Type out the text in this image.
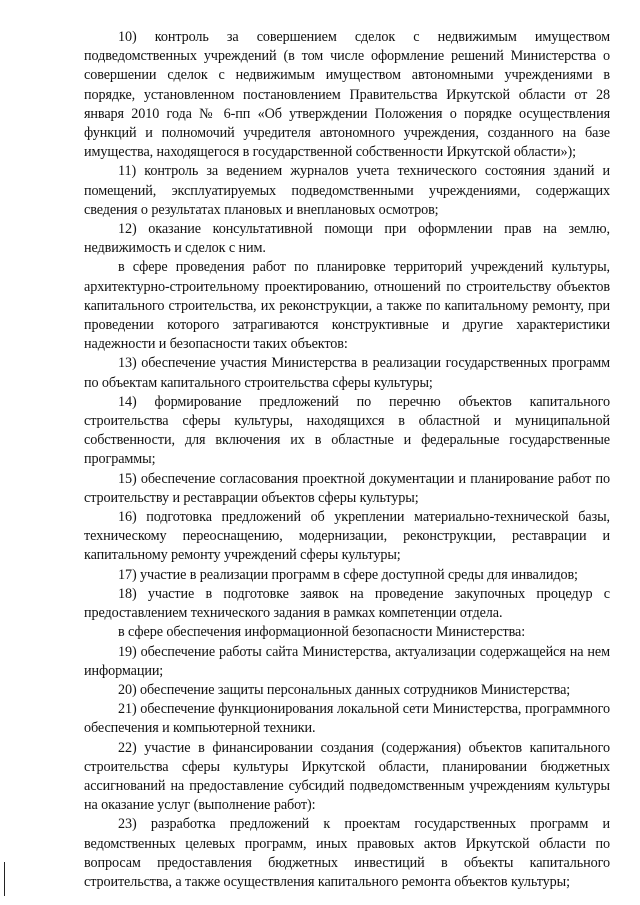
10) контроль за совершением сделок с недвижимым имуществом подведомственных учреждений (в том числе оформление решений Министерства о совершении сделок с недвижимым имуществом автономными учреждениями в порядке, установленном постановлением Правительства Иркутской области от 28 января 2010 года № 6-пп «Об утверждении Положения о порядке осуществления функций и полномочий учредителя автономного учреждения, созданного на базе имущества, находящегося в государственной собственности Иркутской области»);

11) контроль за ведением журналов учета технического состояния зданий и помещений, эксплуатируемых подведомственными учреждениями, содержащих сведения о результатах плановых и внеплановых осмотров;

12) оказание консультативной помощи при оформлении прав на землю, недвижимость и сделок с ним.

в сфере проведения работ по планировке территорий учреждений культуры, архитектурно-строительному проектированию, отношений по строительству объектов капитального строительства, их реконструкции, а также по капитальному ремонту, при проведении которого затрагиваются конструктивные и другие характеристики надежности и безопасности таких объектов:

13) обеспечение участия Министерства в реализации государственных программ по объектам капитального строительства сферы культуры;

14) формирование предложений по перечню объектов капитального строительства сферы культуры, находящихся в областной и муниципальной собственности, для включения их в областные и федеральные государственные программы;

15) обеспечение согласования проектной документации и планирование работ по строительству и реставрации объектов сферы культуры;

16) подготовка предложений об укреплении материально-технической базы, техническому переоснащению, модернизации, реконструкции, реставрации и капитальному ремонту учреждений сферы культуры;

17) участие в реализации программ в сфере доступной среды для инвалидов;

18) участие в подготовке заявок на проведение закупочных процедур с предоставлением технического задания в рамках компетенции отдела.

в сфере обеспечения информационной безопасности Министерства:

19) обеспечение работы сайта Министерства, актуализации содержащейся на нем информации;

20) обеспечение защиты персональных данных сотрудников Министерства;

21) обеспечение функционирования локальной сети Министерства, программного обеспечения и компьютерной техники.

22) участие в финансировании создания (содержания) объектов капитального строительства сферы культуры Иркутской области, планировании бюджетных ассигнований на предоставление субсидий подведомственным учреждениям культуры на оказание услуг (выполнение работ):

23) разработка предложений к проектам государственных программ и ведомственных целевых программ, иных правовых актов Иркутской области по вопросам предоставления бюджетных инвестиций в объекты капитального строительства, а также осуществления капитального ремонта объектов культуры;
